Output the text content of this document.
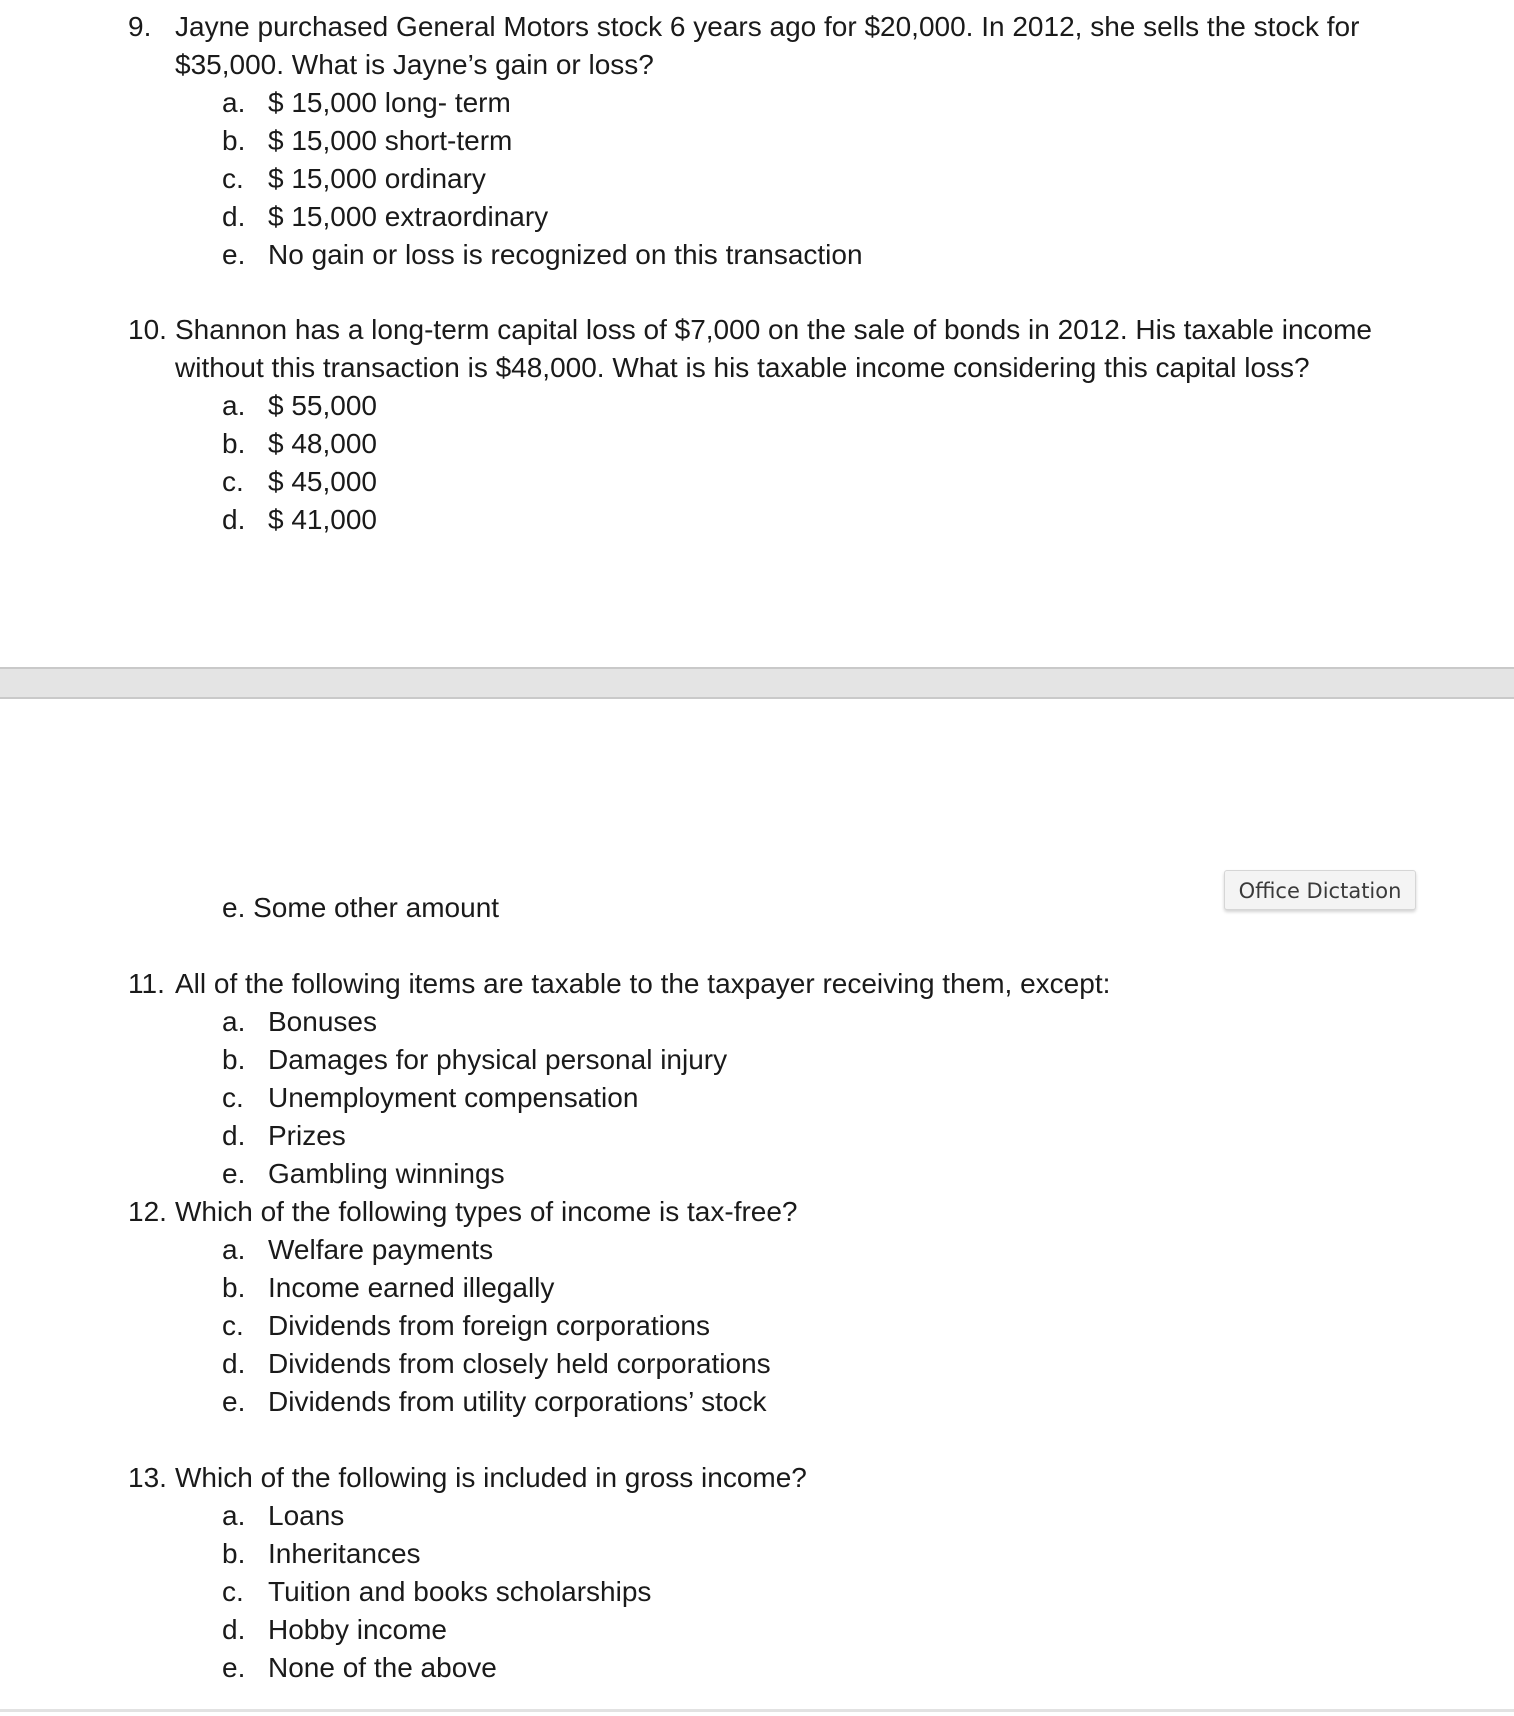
9. Jayne purchased General Motors stock 6 years ago for $20,000. In 2012, she sells the stock for $35,000. What is Jayne’s gain or loss?
a. $ 15,000 long- term
b. $ 15,000 short-term
c. $ 15,000 ordinary
d. $ 15,000 extraordinary
e. No gain or loss is recognized on this transaction
10. Shannon has a long-term capital loss of $7,000 on the sale of bonds in 2012. His taxable income without this transaction is $48,000. What is his taxable income considering this capital loss?
a. $ 55,000
b. $ 48,000
c. $ 45,000
d. $ 41,000
e. Some other amount
Office Dictation
11. All of the following items are taxable to the taxpayer receiving them, except:
a. Bonuses
b. Damages for physical personal injury
c. Unemployment compensation
d. Prizes
e. Gambling winnings
12. Which of the following types of income is tax-free?
a. Welfare payments
b. Income earned illegally
c. Dividends from foreign corporations
d. Dividends from closely held corporations
e. Dividends from utility corporations’ stock
13. Which of the following is included in gross income?
a. Loans
b. Inheritances
c. Tuition and books scholarships
d. Hobby income
e. None of the above
